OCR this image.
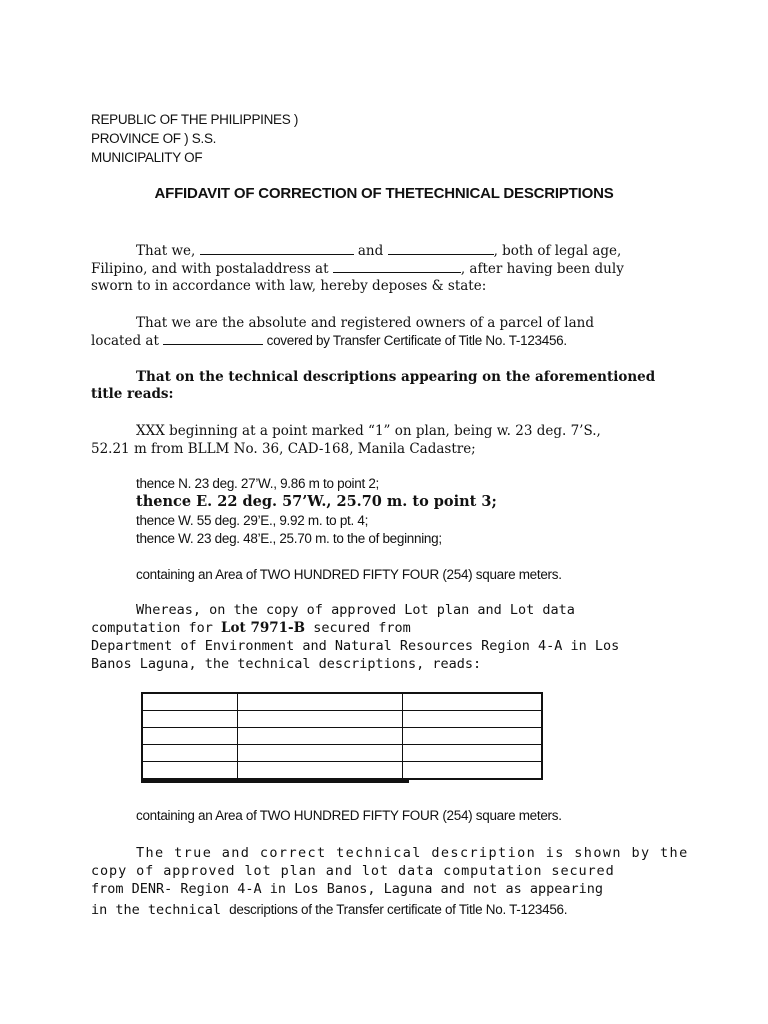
REPUBLIC OF THE PHILIPPINES )
PROVINCE OF ) S.S.
MUNICIPALITY OF
AFFIDAVIT OF CORRECTION OF THETECHNICAL DESCRIPTIONS
That we,	and	, both of legal age,
Filipino, and with postaladdress at	, after having been duly
sworn to in accordance with law, hereby deposes & state:
That we are the absolute and registered owners of a parcel of land
located at	covered by Transfer Certificate of Title No. T-123456.
That on the technical descriptions appearing on the aforementioned
title reads:
XXX beginning at a point marked “1” on plan, being w. 23 deg. 7’S.,
52.21 m from BLLM No. 36, CAD-168, Manila Cadastre;
thence N. 23 deg. 27’W., 9.86 m to point 2;
thence E. 22 deg. 57’W., 25.70 m. to point 3;
thence W. 55 deg. 29’E., 9.92 m. to pt. 4;
thence W. 23 deg. 48’E., 25.70 m. to the of beginning;
containing an Area of TWO HUNDRED FIFTY FOUR (254) square meters.
Whereas, on the copy of approved Lot plan and Lot data
computation for Lot 7971-B secured from
Department of Environment and Natural Resources Region 4-A in Los
Banos Laguna, the technical descriptions, reads:

containing an Area of TWO HUNDRED FIFTY FOUR (254) square meters.
The true and correct technical description is shown by the
copy of approved lot plan and lot data computation secured
from DENR- Region 4-A in Los Banos, Laguna and not as appearing
in the technical descriptions of the Transfer certificate of Title No. T-123456.
